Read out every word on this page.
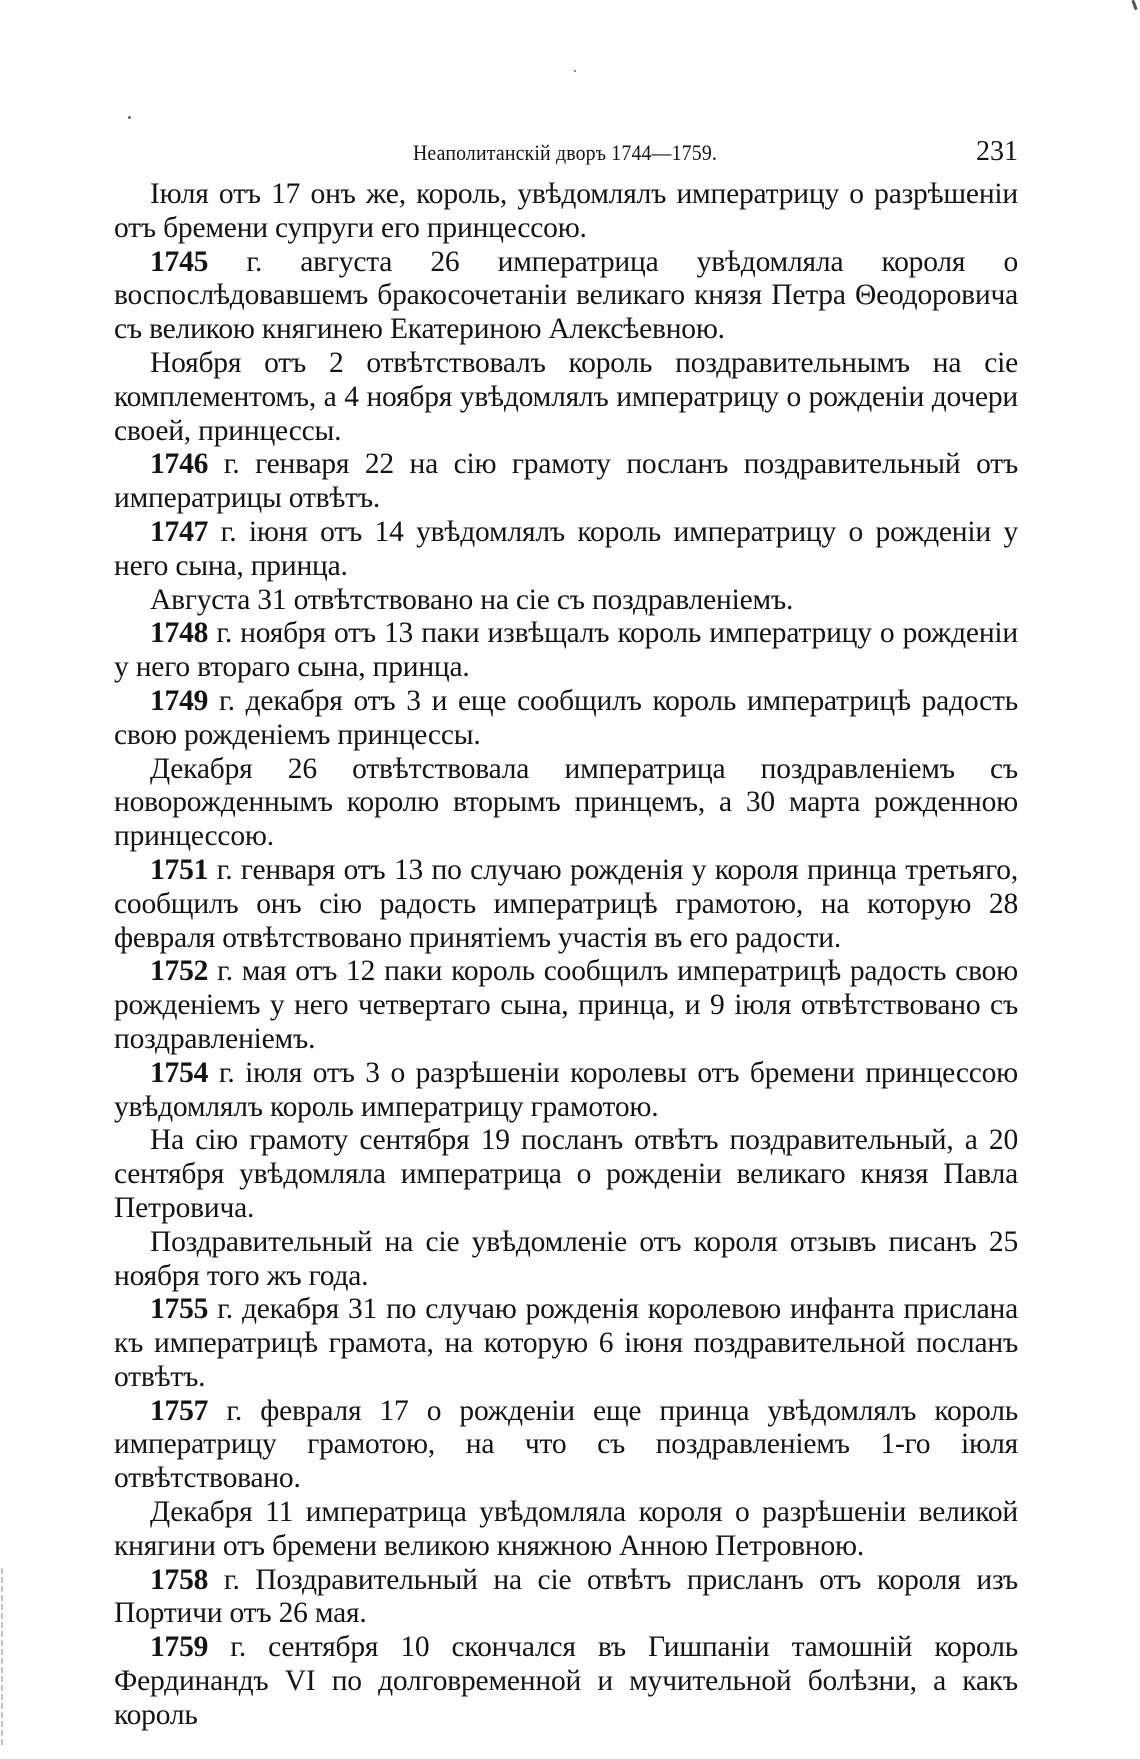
Неаполитанскій дворъ 1744—1759.	231

Іюля отъ 17 онъ же, король, увѣдомлялъ императрицу о разрѣшеніи отъ бремени супруги его принцессою.

1745 г. августа 26 императрица увѣдомляла короля о воспослѣдовавшемъ бракосочетаніи великаго князя Петра Θеодоровича съ великою княгинею Екатериною Алексѣевною.

Ноября отъ 2 отвѣтствовалъ король поздравительнымъ на сіе комплементомъ, а 4 ноября увѣдомлялъ императрицу о рожденіи дочери своей, принцессы.

1746 г. генваря 22 на сію грамоту посланъ поздравительный отъ императрицы отвѣтъ.

1747 г. іюня отъ 14 увѣдомлялъ король императрицу о рожденіи у него сына, принца.

Августа 31 отвѣтствовано на сіе съ поздравленіемъ.

1748 г. ноября отъ 13 паки извѣщалъ король императрицу о рожденіи у него втораго сына, принца.

1749 г. декабря отъ 3 и еще сообщилъ король императрицѣ радость свою рожденіемъ принцессы.

Декабря 26 отвѣтствовала императрица поздравленіемъ съ новорожденнымъ королю вторымъ принцемъ, а 30 марта рожденною принцессою.

1751 г. генваря отъ 13 по случаю рожденія у короля принца третьяго, сообщилъ онъ сію радость императрицѣ грамотою, на которую 28 февраля отвѣтствовано принятіемъ участія въ его радости.

1752 г. мая отъ 12 паки король сообщилъ императрицѣ радость свою рожденіемъ у него четвертаго сына, принца, и 9 іюля отвѣтствовано съ поздравленіемъ.

1754 г. іюля отъ 3 о разрѣшеніи королевы отъ бремени принцессою увѣдомлялъ король императрицу грамотою.

На сію грамоту сентября 19 посланъ отвѣтъ поздравительный, а 20 сентября увѣдомляла императрица о рожденіи великаго князя Павла Петровича.

Поздравительный на сіе увѣдомленіе отъ короля отзывъ писанъ 25 ноября того жъ года.

1755 г. декабря 31 по случаю рожденія королевою инфанта прислана къ императрицѣ грамота, на которую 6 іюня поздравительной посланъ отвѣтъ.

1757 г. февраля 17 о рожденіи еще принца увѣдомлялъ король императрицу грамотою, на что съ поздравленіемъ 1-го іюля отвѣтствовано.

Декабря 11 императрица увѣдомляла короля о разрѣшеніи великой княгини отъ бремени великою княжною Анною Петровною.

1758 г. Поздравительный на сіе отвѣтъ присланъ отъ короля изъ Портичи отъ 26 мая.

1759 г. сентября 10 скончался въ Гишпаніи тамошній король Фердинандъ VI по долговременной и мучительной болѣзни, а какъ король
